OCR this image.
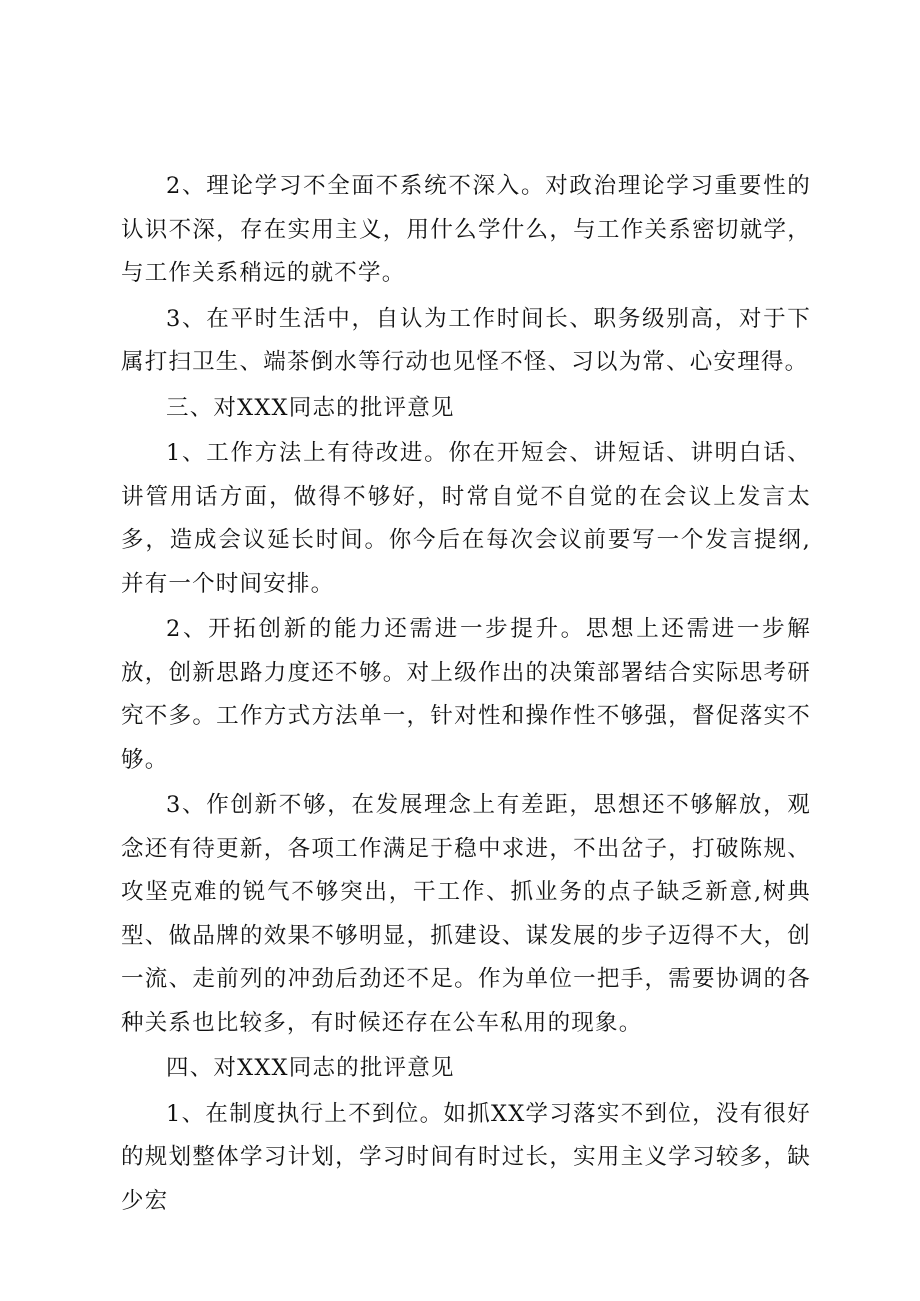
2、理论学习不全面不系统不深入。对政治理论学习重要性的认识不深，存在实用主义，用什么学什么，与工作关系密切就学，与工作关系稍远的就不学。

3、在平时生活中，自认为工作时间长、职务级别高，对于下属打扫卫生、端茶倒水等行动也见怪不怪、习以为常、心安理得。

三、对XXX同志的批评意见

1、工作方法上有待改进。你在开短会、讲短话、讲明白话、讲管用话方面，做得不够好，时常自觉不自觉的在会议上发言太多，造成会议延长时间。你今后在每次会议前要写一个发言提纲,并有一个时间安排。

2、开拓创新的能力还需进一步提升。思想上还需进一步解放，创新思路力度还不够。对上级作出的决策部署结合实际思考研究不多。工作方式方法单一，针对性和操作性不够强，督促落实不够。

3、作创新不够，在发展理念上有差距，思想还不够解放，观念还有待更新，各项工作满足于稳中求进，不出岔子，打破陈规、攻坚克难的锐气不够突出，干工作、抓业务的点子缺乏新意,树典型、做品牌的效果不够明显，抓建设、谋发展的步子迈得不大，创一流、走前列的冲劲后劲还不足。作为单位一把手，需要协调的各种关系也比较多，有时候还存在公车私用的现象。

四、对XXX同志的批评意见

1、在制度执行上不到位。如抓XX学习落实不到位，没有很好的规划整体学习计划，学习时间有时过长，实用主义学习较多，缺少宏
